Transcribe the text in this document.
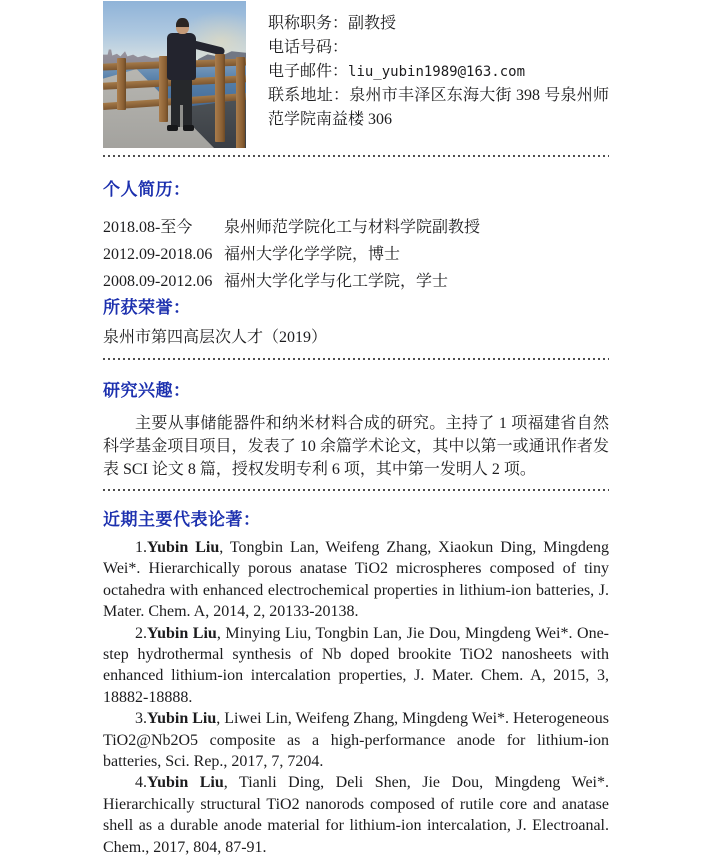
职称职务：副教授
电话号码：
电子邮件：liu_yubin1989@163.com
联系地址：泉州市丰泽区东海大街 398 号泉州师范学院南益楼 306
个人简历：
2018.08-至今	泉州师范学院化工与材料学院副教授
2012.09-2018.06 福州大学化学学院，博士
2008.09-2012.06 福州大学化学与化工学院，学士
所获荣誉：

泉州市第四高层次人才（2019）

研究兴趣：

主要从事储能器件和纳米材料合成的研究。主持了 1 项福建省自然科学基金项目项目，发表了 10 余篇学术论文，其中以第一或通讯作者发表 SCI 论文 8 篇，授权发明专利 6 项，其中第一发明人 2 项。

近期主要代表论著：

1.Yubin Liu, Tongbin Lan, Weifeng Zhang, Xiaokun Ding, Mingdeng Wei*. Hierarchically porous anatase TiO2 microspheres composed of tiny octahedra with enhanced electrochemical properties in lithium-ion batteries, J. Mater. Chem. A, 2014, 2, 20133-20138.

2.Yubin Liu, Minying Liu, Tongbin Lan, Jie Dou, Mingdeng Wei*. One-step hydrothermal synthesis of Nb doped brookite TiO2 nanosheets with enhanced lithium-ion intercalation properties, J. Mater. Chem. A, 2015, 3, 18882-18888.

3.Yubin Liu, Liwei Lin, Weifeng Zhang, Mingdeng Wei*. Heterogeneous TiO2@Nb2O5 composite as a high-performance anode for lithium-ion batteries, Sci. Rep., 2017, 7, 7204.

4.Yubin Liu, Tianli Ding, Deli Shen, Jie Dou, Mingdeng Wei*. Hierarchically structural TiO2 nanorods composed of rutile core and anatase shell as a durable anode material for lithium-ion intercalation, J. Electroanal. Chem., 2017, 804, 87-91.
